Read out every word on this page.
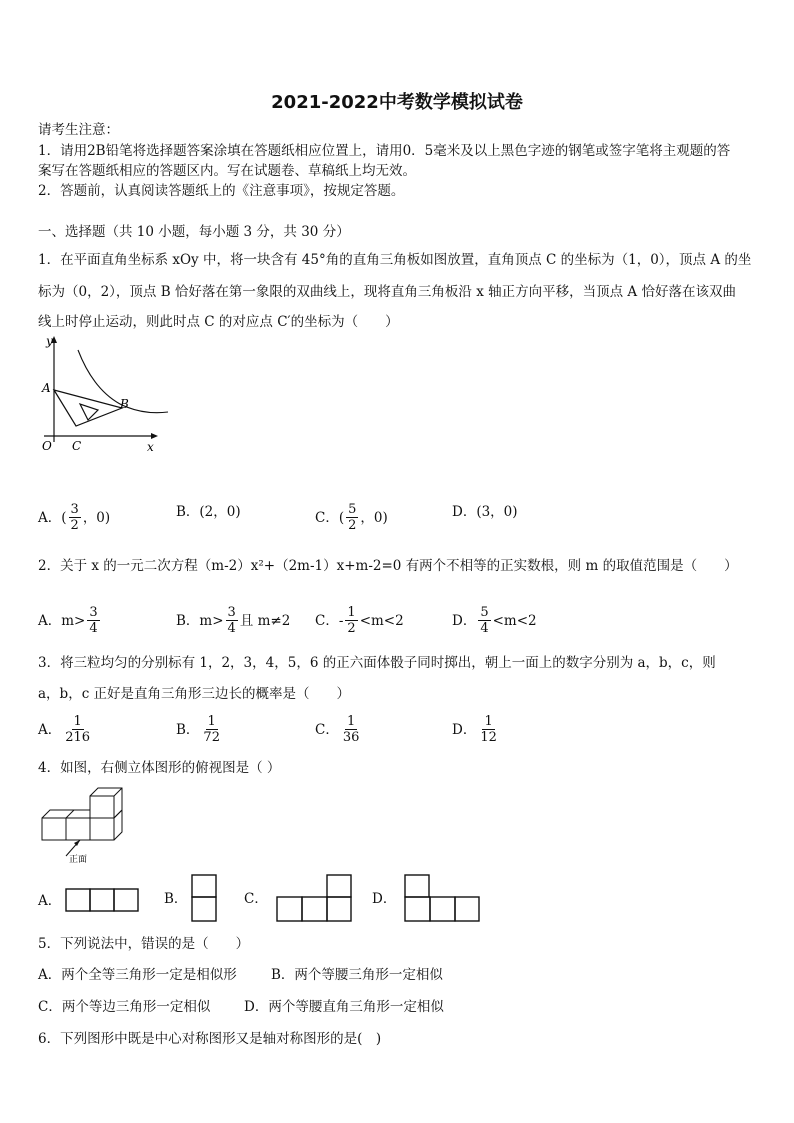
2021-2022中考数学模拟试卷
请考生注意：
1．请用2B铅笔将选择题答案涂填在答题纸相应位置上，请用0．5毫米及以上黑色字迹的钢笔或签字笔将主观题的答
案写在答题纸相应的答题区内。写在试题卷、草稿纸上均无效。
2．答题前，认真阅读答题纸上的《注意事项》，按规定答题。
一、选择题（共 10 小题，每小题 3 分，共 30 分）
1．在平面直角坐标系 xOy 中，将一块含有 45°角的直角三角板如图放置，直角顶点 C 的坐标为（1，0），顶点 A 的坐
标为（0，2），顶点 B 恰好落在第一象限的双曲线上，现将直角三角板沿 x 轴正方向平移，当顶点 A 恰好落在该双曲
线上时停止运动，则此时点 C 的对应点 C′的坐标为（　　）
y
A
B
O C	x
A．( $\frac{3}{2}$ ，0)	B．(2，0)	C．( $\frac{5}{2}$ ，0)	D．(3，0)
2．关于 x 的一元二次方程（m-2）x²+（2m-1）x+m-2=0 有两个不相等的正实数根，则 m 的取值范围是（　　）
A．$m> \frac{3}{4}$	B．$m> \frac{3}{4}$ 且 m≠2 C．- $\frac{1}{2} <m<2$	D． $\frac{5}{4} <m<2$
3．将三粒均匀的分别标有 1，2，3，4，5，6 的正六面体骰子同时掷出，朝上一面上的数字分别为 a，b，c，则
a，b，c 正好是直角三角形三边长的概率是（　　）
A． $\frac{1}{216}$	B． $\frac{1}{72}$	C． $\frac{1}{36}$	D． $\frac{1}{12}$
4．如图，右侧立体图形的俯视图是（ ）
正面
A．	B．	C．	D．
5．下列说法中，错误的是（　　）
A．两个全等三角形一定是相似形	B．两个等腰三角形一定相似
C．两个等边三角形一定相似 D．两个等腰直角三角形一定相似
6．下列图形中既是中心对称图形又是轴对称图形的是(　)
